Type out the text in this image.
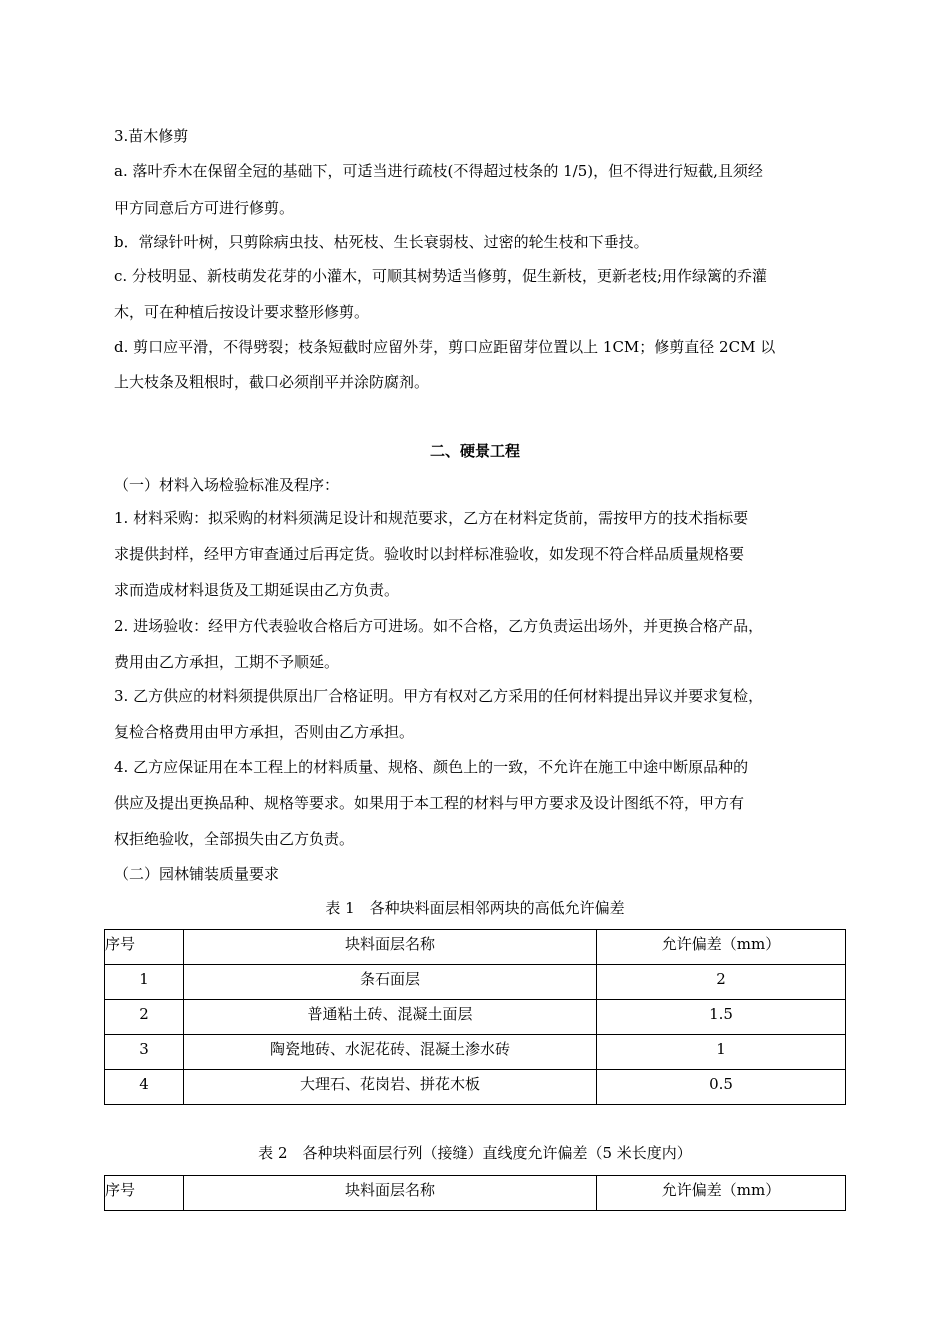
3.苗木修剪
a. 落叶乔木在保留全冠的基础下，可适当进行疏枝(不得超过枝条的 1/5)，但不得进行短截,且须经
甲方同意后方可进行修剪。
b．常绿针叶树，只剪除病虫技、枯死枝、生长衰弱枝、过密的轮生枝和下垂技。
c. 分枝明显、新枝萌发花芽的小灌木，可顺其树势适当修剪，促生新枝，更新老枝;用作绿篱的乔灌
木，可在种植后按设计要求整形修剪。
d. 剪口应平滑，不得劈裂；枝条短截时应留外芽，剪口应距留芽位置以上 1CM；修剪直径 2CM 以
上大枝条及粗根时，截口必须削平并涂防腐剂。
二、硬景工程
（一）材料入场检验标准及程序：
1. 材料采购：拟采购的材料须满足设计和规范要求，乙方在材料定货前，需按甲方的技术指标要
求提供封样，经甲方审查通过后再定货。验收时以封样标准验收，如发现不符合样品质量规格要
求而造成材料退货及工期延误由乙方负责。
2. 进场验收：经甲方代表验收合格后方可进场。如不合格，乙方负责运出场外，并更换合格产品，
费用由乙方承担，工期不予顺延。
3. 乙方供应的材料须提供原出厂合格证明。甲方有权对乙方采用的任何材料提出异议并要求复检，
复检合格费用由甲方承担，否则由乙方承担。
4. 乙方应保证用在本工程上的材料质量、规格、颜色上的一致，不允许在施工中途中断原品种的
供应及提出更换品种、规格等要求。如果用于本工程的材料与甲方要求及设计图纸不符，甲方有
权拒绝验收，全部损失由乙方负责。
（二）园林铺装质量要求
表 1　各种块料面层相邻两块的高低允许偏差
序号	块料面层名称	允许偏差（mm）

1	条石面层	2

2	普通粘土砖、混凝土面层	1.5

3	陶瓷地砖、水泥花砖、混凝土渗水砖	1

4	大理石、花岗岩、拼花木板	0.5
表 2　各种块料面层行列（接缝）直线度允许偏差（5 米长度内）
序号	块料面层名称	允许偏差（mm）
